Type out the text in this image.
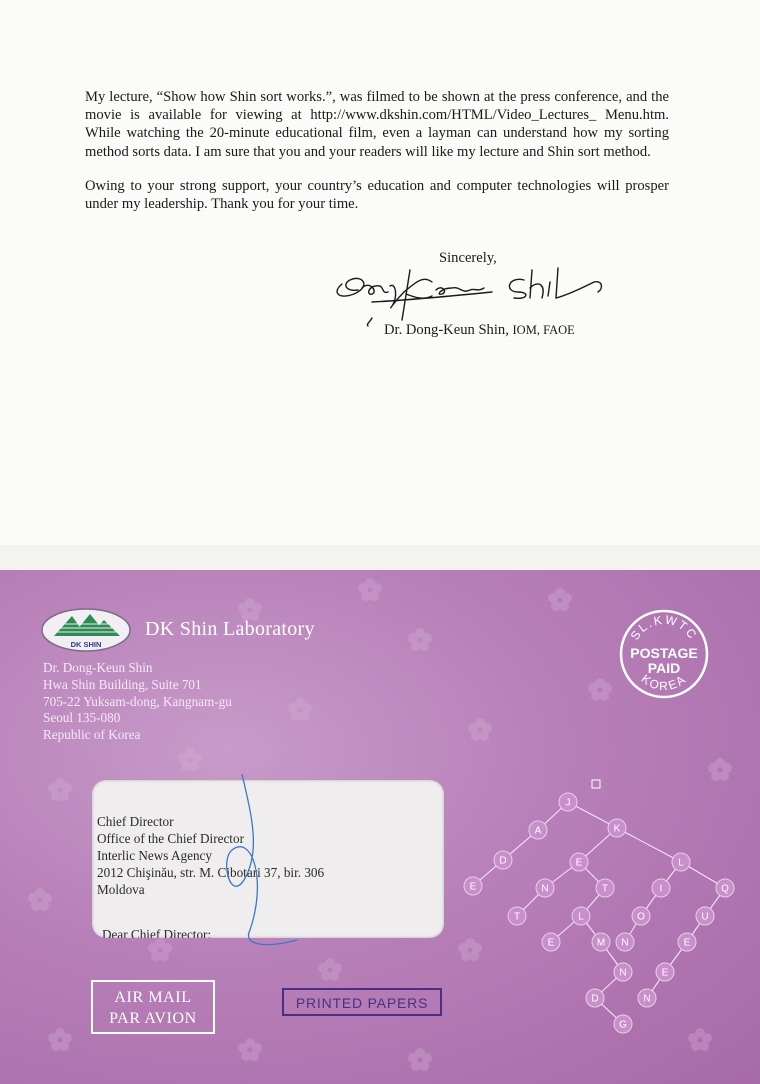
My lecture, “Show how Shin sort works.”, was filmed to be shown at the press conference, and the movie is available for viewing at http://www.dkshin.com/HTML/Video_Lectures_ Menu.htm. While watching the 20-minute educational film, even a layman can understand how my sorting method sorts data. I am sure that you and your readers will like my lecture and Shin sort method.

Owing to your strong support, your country’s education and computer technologies will prosper under my leadership. Thank you for your time.

Sincerely,
Dr. Dong-Keun Shin, IOM, FAOE
DK SHIN
DK Shin Laboratory
Dr. Dong-Keun Shin
Hwa Shin Building, Suite 701
705-22 Yuksam-dong, Kangnam-gu
Seoul 135-080
Republic of Korea
SL.KWTC
KOREA
POSTAGE
PAID
Chief Director
Office of the Chief Director
Interlic News Agency
2012 Chişinău, str. M. Cibotari 37, bir. 306
Moldova
Dear Chief Director:
AIR MAIL
PAR AVION
PRINTED PAPERS
J
A	K
D	E	L
E	N	T	I	Q
T	L	O	U
E	M N	E
N	E
D	N
G
